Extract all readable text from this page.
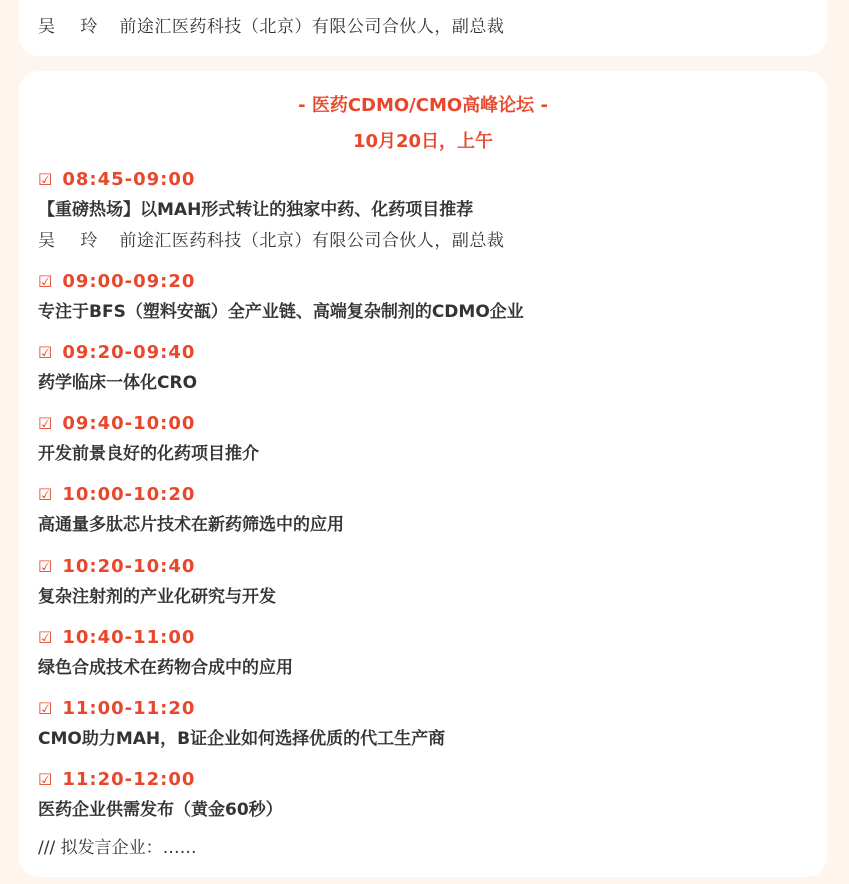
吴 玲 前途汇医药科技（北京）有限公司合伙人，副总裁
- 医药CDMO/CMO高峰论坛 -
10月20日，上午
☑ 08:45-09:00
【重磅热场】以MAH形式转让的独家中药、化药项目推荐
吴 玲 前途汇医药科技（北京）有限公司合伙人，副总裁
☑ 09:00-09:20
专注于BFS（塑料安瓿）全产业链、高端复杂制剂的CDMO企业
☑ 09:20-09:40
药学临床一体化CRO
☑ 09:40-10:00
开发前景良好的化药项目推介
☑ 10:00-10:20
高通量多肽芯片技术在新药筛选中的应用
☑ 10:20-10:40
复杂注射剂的产业化研究与开发
☑ 10:40-11:00
绿色合成技术在药物合成中的应用
☑ 11:00-11:20
CMO助力MAH，B证企业如何选择优质的代工生产商
☑ 11:20-12:00
医药企业供需发布（黄金60秒）
/// 拟发言企业：……
